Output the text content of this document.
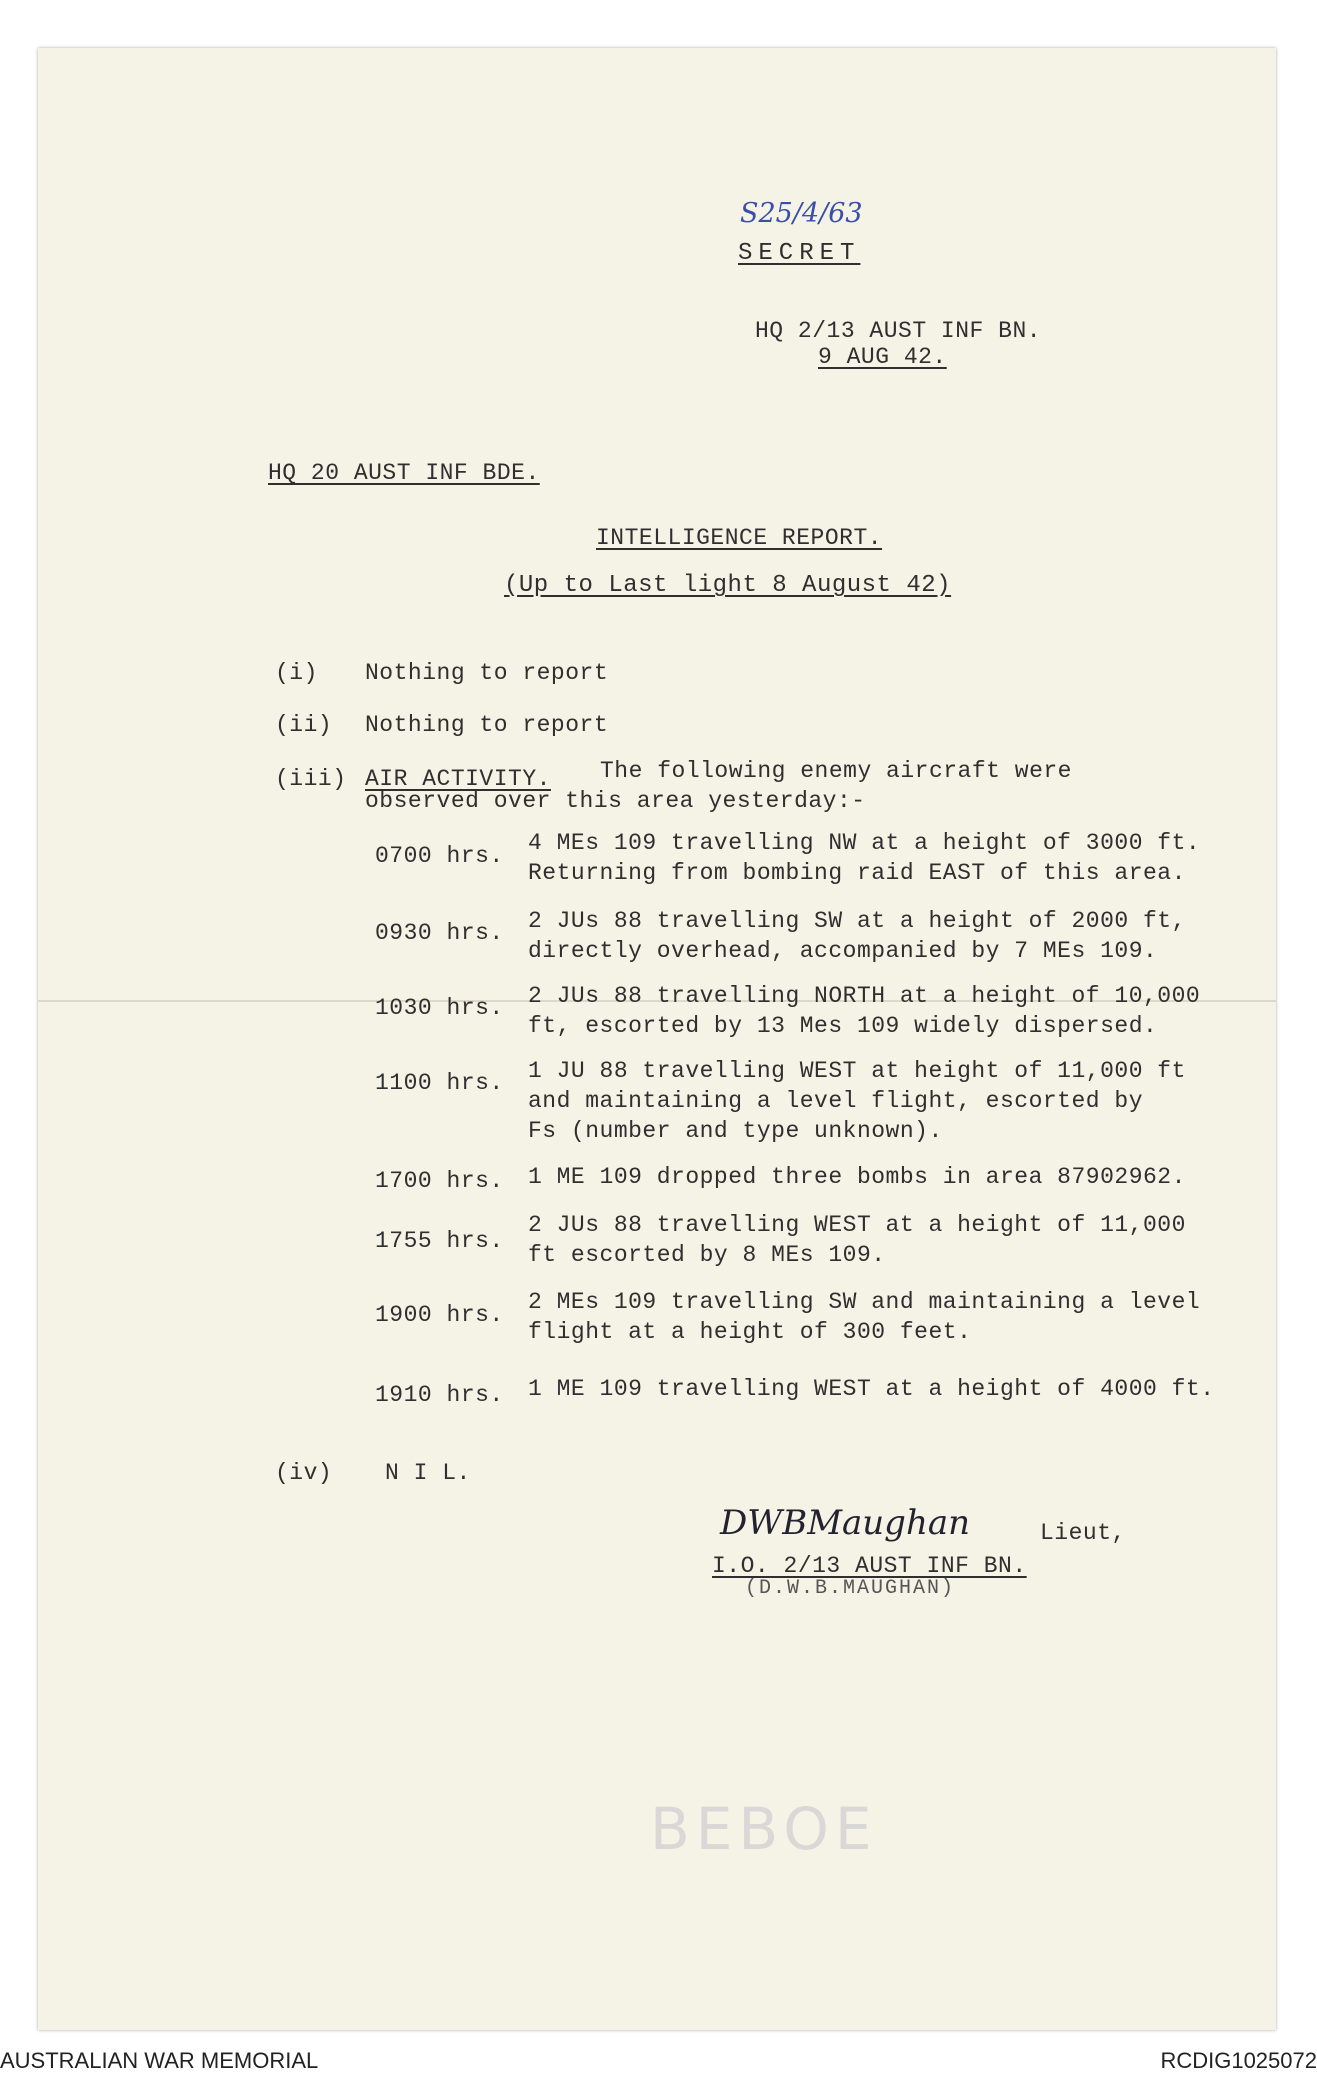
S25/4/63
SECRET
HQ 2/13 AUST INF BN.
9 AUG 42.
HQ 20 AUST INF BDE.
INTELLIGENCE REPORT.
(Up to Last light 8 August 42)
(i) Nothing to report
(ii) Nothing to report
(iii) AIR ACTIVITY. The following enemy aircraft were
observed over this area yesterday:-
0700 hrs. 4 MEs 109 travelling NW at a height of 3000 ft.
Returning from bombing raid EAST of this area.
0930 hrs. 2 JUs 88 travelling SW at a height of 2000 ft,
directly overhead, accompanied by 7 MEs 109.
1030 hrs. 2 JUs 88 travelling NORTH at a height of 10,000
ft, escorted by 13 Mes 109 widely dispersed.
1100 hrs. 1 JU 88 travelling WEST at height of 11,000 ft
and maintaining a level flight, escorted by
Fs (number and type unknown).
1700 hrs. 1 ME 109 dropped three bombs in area 87902962.
1755 hrs.
2 JUs 88 travelling WEST at a height of 11,000
ft escorted by 8 MEs 109.
1900 hrs. 2 MEs 109 travelling SW and maintaining a level
flight at a height of 300 feet.
1910 hrs. 1 ME 109 travelling WEST at a height of 4000 ft.
(iv) N I L.
DWBMaughan	Lieut,
I.O. 2/13 AUST INF BN.
(D.W.B.MAUGHAN)
BEBOE
AUSTRALIAN WAR MEMORIAL	RCDIG1025072
